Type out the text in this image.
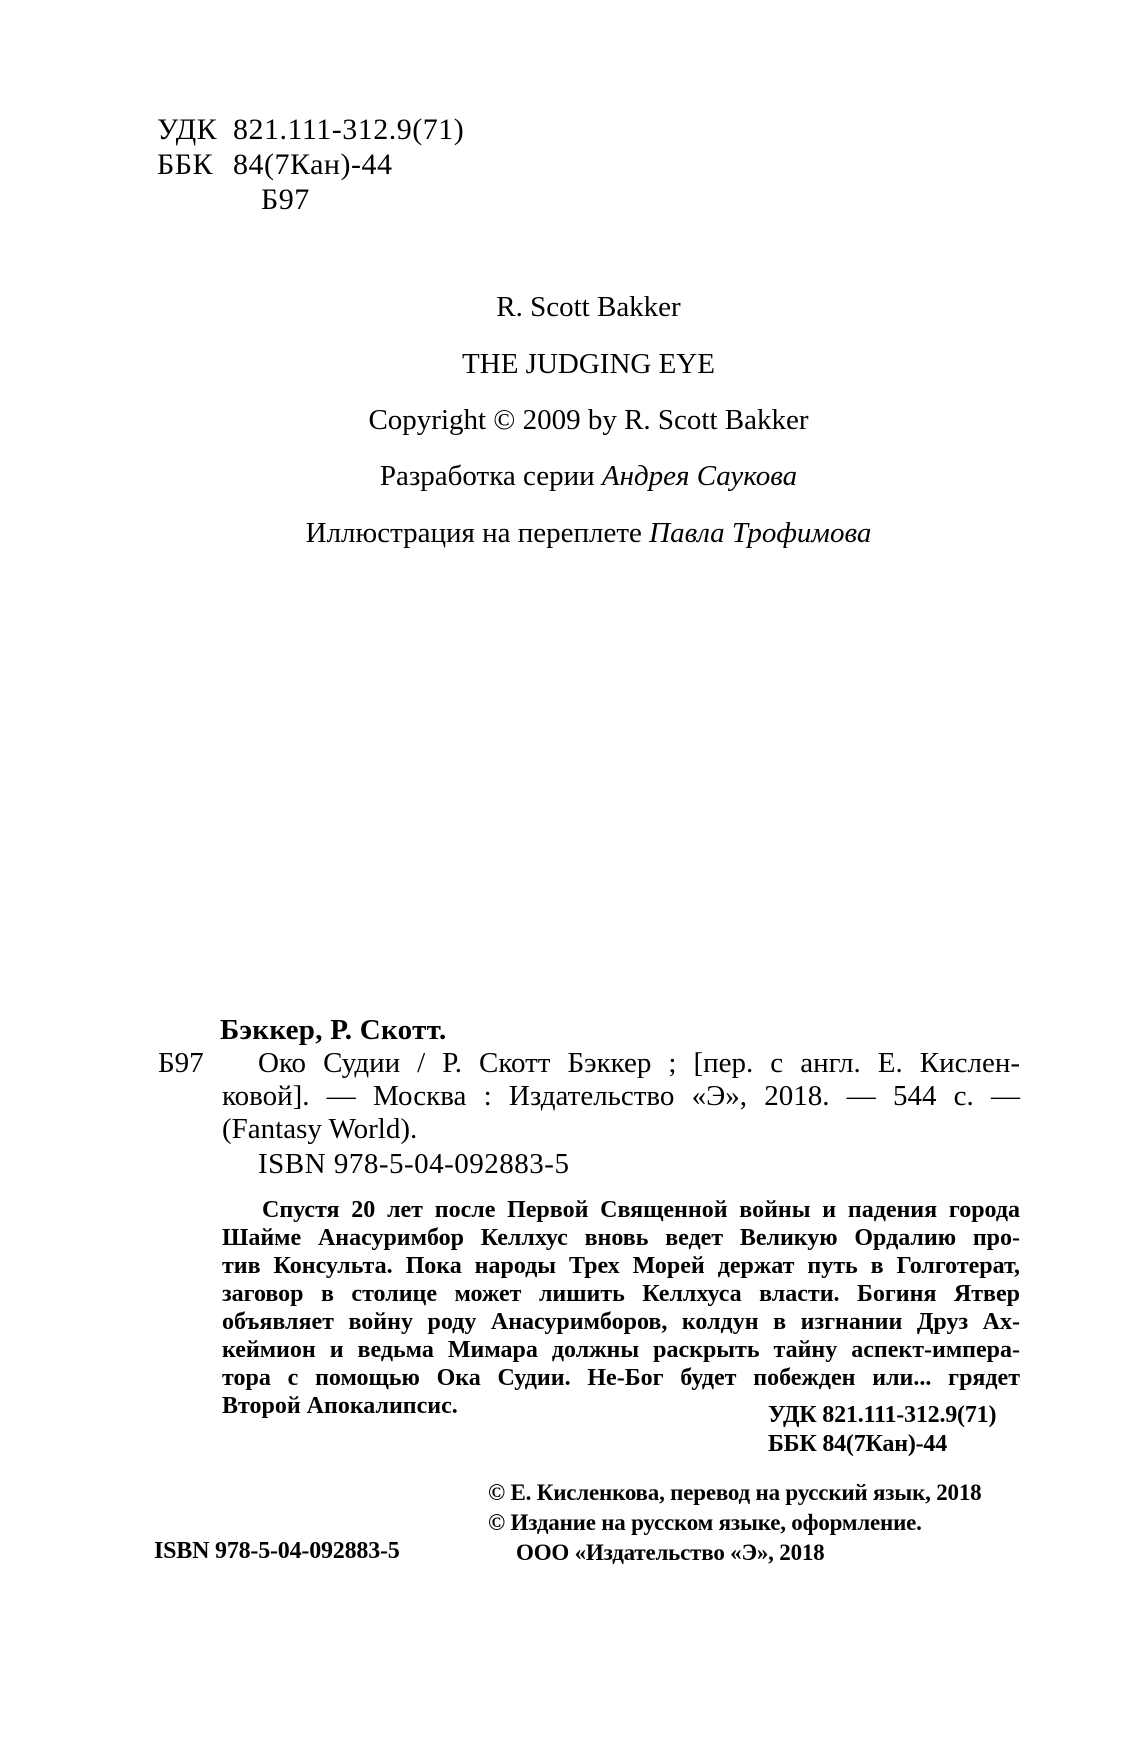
УДК 821.111-312.9(71)
ББК 84(7Кан)-44
Б97
R. Scott Bakker
THE JUDGING EYE
Copyright © 2009 by R. Scott Bakker
Разработка серии Андрея Саукова
Иллюстрация на переплете Павла Трофимова
Бэккер, Р. Скотт.
Б97 Око Судии / Р. Скотт Бэккер ; [пер. с англ. Е. Кислен-
ковой]. — Москва : Издательство «Э», 2018. — 544 с. —
(Fantasy World).
ISBN 978-5-04-092883-5
Спустя 20 лет после Первой Священной войны и падения города
Шайме Анасуримбор Келлхус вновь ведет Великую Ордалию про-
тив Консульта. Пока народы Трех Морей держат путь в Голготерат,
заговор в столице может лишить Келлхуса власти. Богиня Ятвер
объявляет войну роду Анасуримборов, колдун в изгнании Друз Ах-
кеймион и ведьма Мимара должны раскрыть тайну аспект-импера-
тора с помощью Ока Судии. Не-Бог будет побежден или... грядет
Второй Апокалипсис.	УДК 821.111-312.9(71)
ББК 84(7Кан)-44
ISBN 978-5-04-092883-5
© Е. Кисленкова, перевод на русский язык, 2018
© Издание на русском языке, оформление.
ООО «Издательство «Э», 2018
